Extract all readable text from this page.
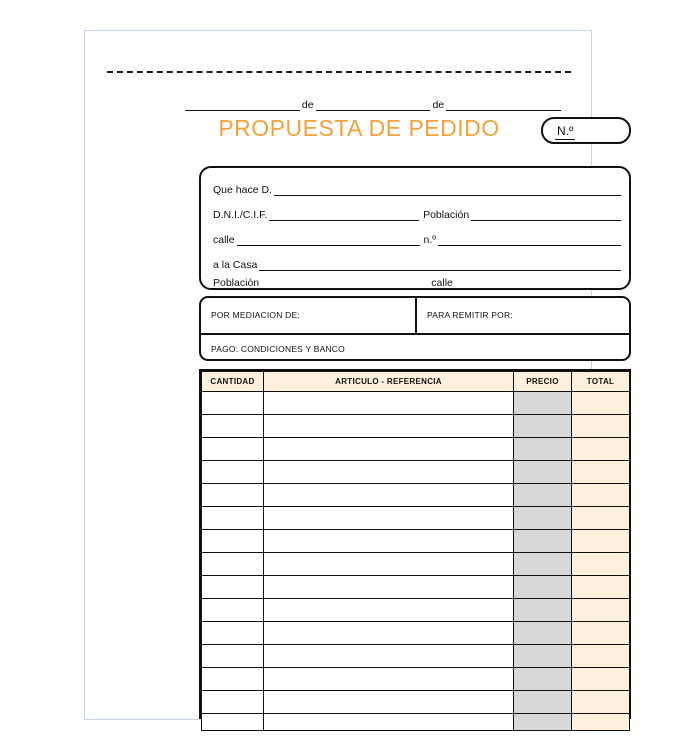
de	de
PROPUESTA DE PEDIDO	N.º
Que hace D.
D.N.I./C.I.F.	Población
calle	n.º
a la Casa
Población	calle
POR MEDIACION DE:	PARA REMITIR POR:
PAGO: CONDICIONES Y BANCO
CANTIDAD	ARTICULO - REFERENCIA	PRECIO	TOTAL
